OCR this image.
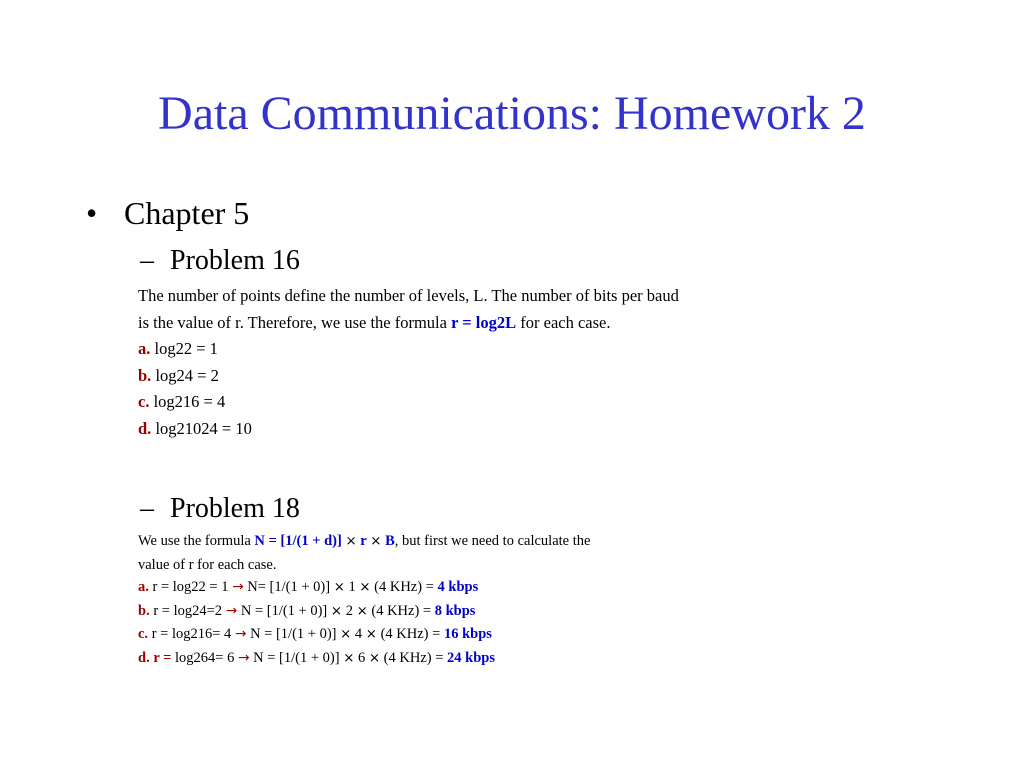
Data Communications: Homework 2
• Chapter 5
– Problem 16
The number of points define the number of levels, L. The number of bits per baud
is the value of r. Therefore, we use the formula r = log2L for each case.
a. log22 = 1
b. log24 = 2
c. log216 = 4
d. log21024 = 10
– Problem 18
We use the formula N = [1/(1 + d)] × r × B, but first we need to calculate the
value of r for each case.
a. r = log22 = 1 → N= [1/(1 + 0)] × 1 × (4 KHz) = 4 kbps
b. r = log24=2 → N = [1/(1 + 0)] × 2 × (4 KHz) = 8 kbps
c. r = log216= 4 → N = [1/(1 + 0)] × 4 × (4 KHz) = 16 kbps
d. r = log264= 6 → N = [1/(1 + 0)] × 6 × (4 KHz) = 24 kbps
